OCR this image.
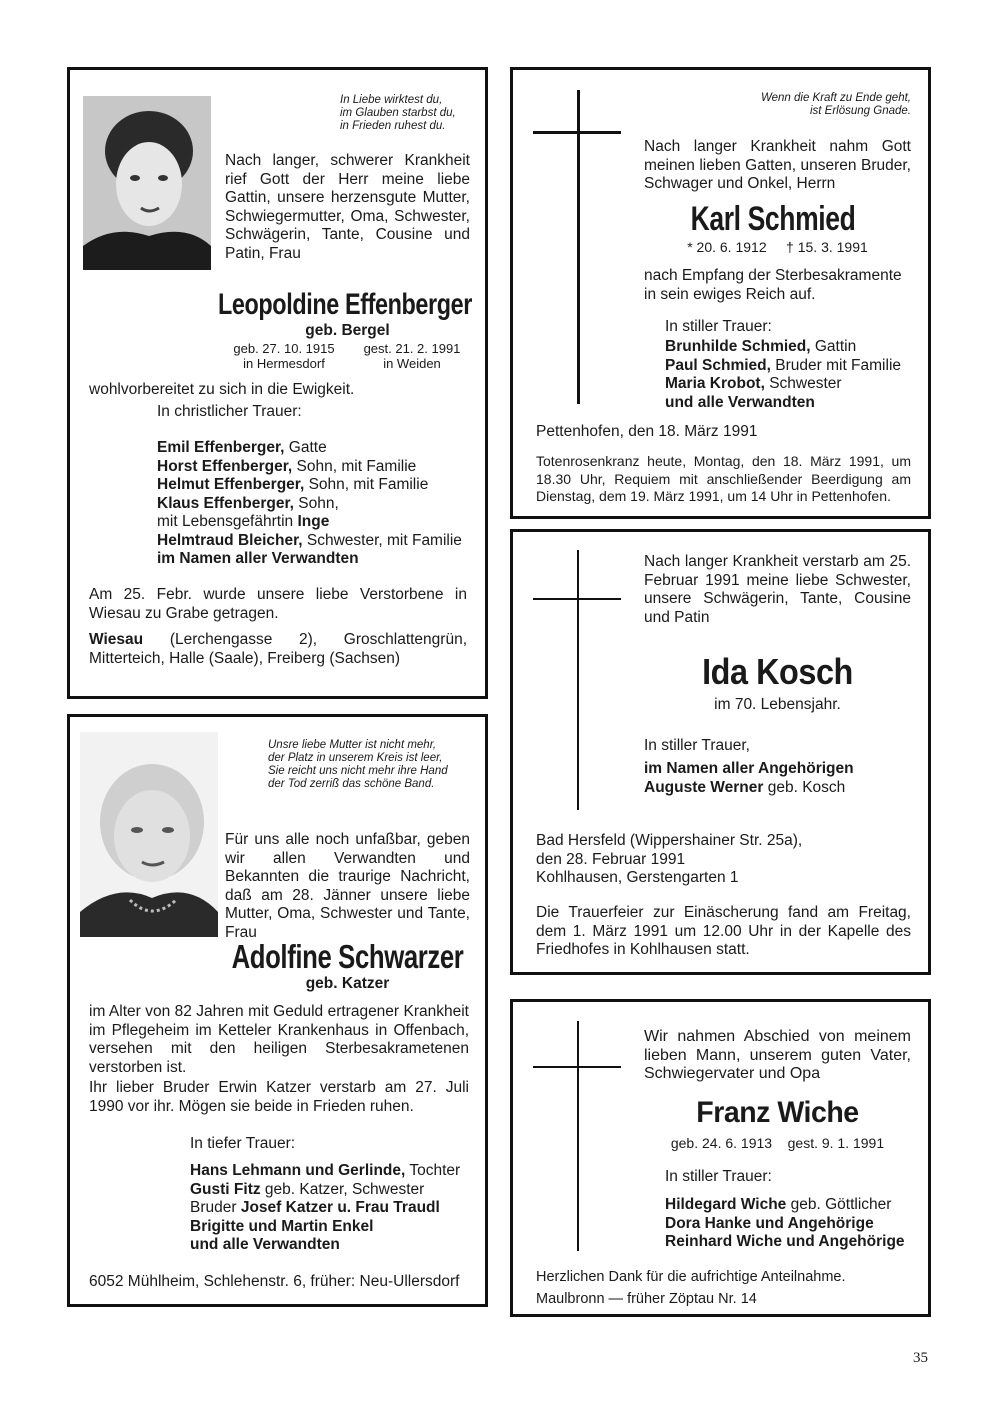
In Liebe wirktest du,
im Glauben starbst du,
in Frieden ruhest du.
Nach langer, schwerer Krankheit rief Gott der Herr meine liebe Gattin, unsere herzensgute Mutter, Schwiegermutter, Oma, Schwester, Schwägerin, Tante, Cousine und Patin, Frau
Leopoldine Effenberger
geb. Bergel
geb. 27. 10. 1915
in Hermesdorf
gest. 21. 2. 1991
in Weiden
wohlvorbereitet zu sich in die Ewigkeit.
In christlicher Trauer:
Emil Effenberger, Gatte
Horst Effenberger, Sohn, mit Familie
Helmut Effenberger, Sohn, mit Familie
Klaus Effenberger, Sohn,
mit Lebensgefährtin Inge
Helmtraud Bleicher, Schwester, mit Familie
im Namen aller Verwandten
Am 25. Febr. wurde unsere liebe Verstorbene in Wiesau zu Grabe getragen.
Wiesau (Lerchengasse 2), Groschlattengrün, Mitterteich, Halle (Saale), Freiberg (Sachsen)
Wenn die Kraft zu Ende geht,
ist Erlösung Gnade.
Nach langer Krankheit nahm Gott meinen lieben Gatten, unseren Bruder, Schwager und Onkel, Herrn
Karl Schmied
* 20. 6. 1912     † 15. 3. 1991
nach Empfang der Sterbesakramente in sein ewiges Reich auf.
In stiller Trauer:
Brunhilde Schmied, Gattin
Paul Schmied, Bruder mit Familie
Maria Krobot, Schwester
und alle Verwandten
Pettenhofen, den 18. März 1991
Totenrosenkranz heute, Montag, den 18. März 1991, um 18.30 Uhr, Requiem mit anschließender Beerdigung am Dienstag, dem 19. März 1991, um 14 Uhr in Pettenhofen.
Nach langer Krankheit verstarb am 25. Februar 1991 meine liebe Schwester, unsere Schwägerin, Tante, Cousine und Patin
Ida Kosch
im 70. Lebensjahr.
In stiller Trauer,
im Namen aller Angehörigen
Auguste Werner geb. Kosch
Bad Hersfeld (Wippershainer Str. 25a),
den 28. Februar 1991
Kohlhausen, Gerstengarten 1
Die Trauerfeier zur Einäscherung fand am Freitag, dem 1. März 1991 um 12.00 Uhr in der Kapelle des Friedhofes in Kohlhausen statt.
Unsre liebe Mutter ist nicht mehr,
der Platz in unserem Kreis ist leer,
Sie reicht uns nicht mehr ihre Hand
der Tod zerriß das schöne Band.
Für uns alle noch unfaßbar, geben wir allen Verwandten und Bekannten die traurige Nachricht, daß am 28. Jänner unsere liebe Mutter, Oma, Schwester und Tante, Frau
Adolfine Schwarzer
geb. Katzer
im Alter von 82 Jahren mit Geduld ertragener Krankheit im Pflegeheim im Ketteler Krankenhaus in Offenbach, versehen mit den heiligen Sterbesakrametenen verstorben ist.
Ihr lieber Bruder Erwin Katzer verstarb am 27. Juli 1990 vor ihr. Mögen sie beide in Frieden ruhen.
In tiefer Trauer:
Hans Lehmann und Gerlinde, Tochter
Gusti Fitz geb. Katzer, Schwester
Bruder Josef Katzer u. Frau Traudl
Brigitte und Martin Enkel
und alle Verwandten
6052 Mühlheim, Schlehenstr. 6, früher: Neu-Ullersdorf
Wir nahmen Abschied von meinem lieben Mann, unserem guten Vater, Schwiegervater und Opa
Franz Wiche
geb. 24. 6. 1913    gest. 9. 1. 1991
In stiller Trauer:
Hildegard Wiche geb. Göttlicher
Dora Hanke und Angehörige
Reinhard Wiche und Angehörige
Herzlichen Dank für die aufrichtige Anteilnahme.
Maulbronn — früher Zöptau Nr. 14
35
